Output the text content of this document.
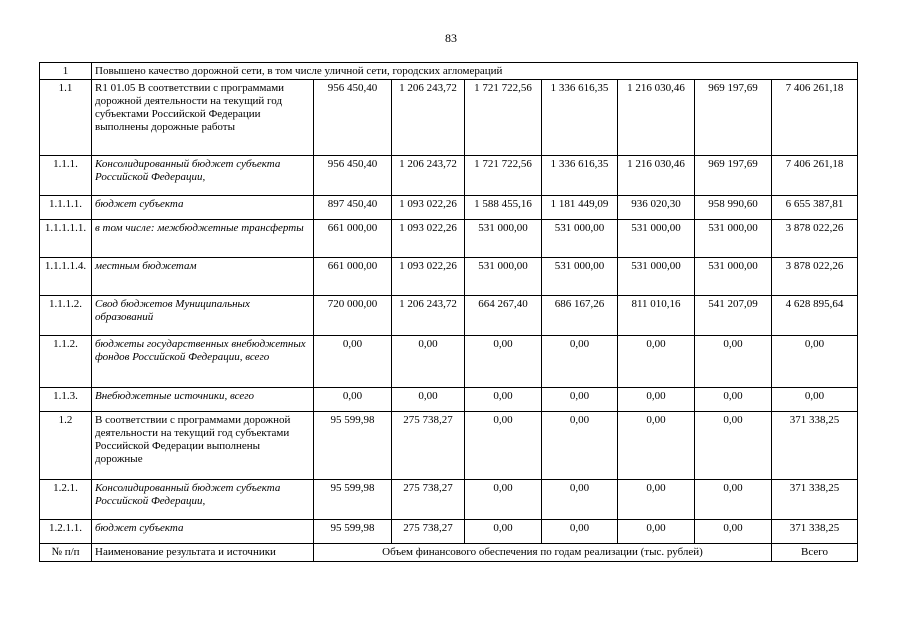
83
1	Повышено качество дорожной сети, в том числе уличной сети, городских агломераций							
1.1	R1 01.05 В соответствии с программами дорожной деятельности на текущий год субъектами Российской Федерации выполнены дорожные работы	956 450,40	1 206 243,72	1 721 722,56	1 336 616,35	1 216 030,46	969 197,69	7 406 261,18
1.1.1.	Консолидированный бюджет субъекта Российской Федерации,	956 450,40	1 206 243,72	1 721 722,56	1 336 616,35	1 216 030,46	969 197,69	7 406 261,18
1.1.1.1.	бюджет субъекта	897 450,40	1 093 022,26	1 588 455,16	1 181 449,09	936 020,30	958 990,60	6 655 387,81
1.1.1.1.1.	в том числе: межбюджетные трансферты	661 000,00	1 093 022,26	531 000,00	531 000,00	531 000,00	531 000,00	3 878 022,26
1.1.1.1.4.	местным бюджетам	661 000,00	1 093 022,26	531 000,00	531 000,00	531 000,00	531 000,00	3 878 022,26
1.1.1.2.	Свод бюджетов Муниципальных образований	720 000,00	1 206 243,72	664 267,40	686 167,26	811 010,16	541 207,09	4 628 895,64
1.1.2.	бюджеты государственных внебюджетных фондов Российской Федерации, всего	0,00	0,00	0,00	0,00	0,00	0,00	0,00
1.1.3.	Внебюджетные источники, всего	0,00	0,00	0,00	0,00	0,00	0,00	0,00
1.2	В соответствии с программами дорожной деятельности на текущий год субъектами Российской Федерации выполнены дорожные	95 599,98	275 738,27	0,00	0,00	0,00	0,00	371 338,25
1.2.1.	Консолидированный бюджет субъекта Российской Федерации,	95 599,98	275 738,27	0,00	0,00	0,00	0,00	371 338,25
1.2.1.1.	бюджет субъекта	95 599,98	275 738,27	0,00	0,00	0,00	0,00	371 338,25
№ п/п	Наименование результата и источники	Объем финансового обеспечения по годам реализации (тыс. рублей)						Всего
